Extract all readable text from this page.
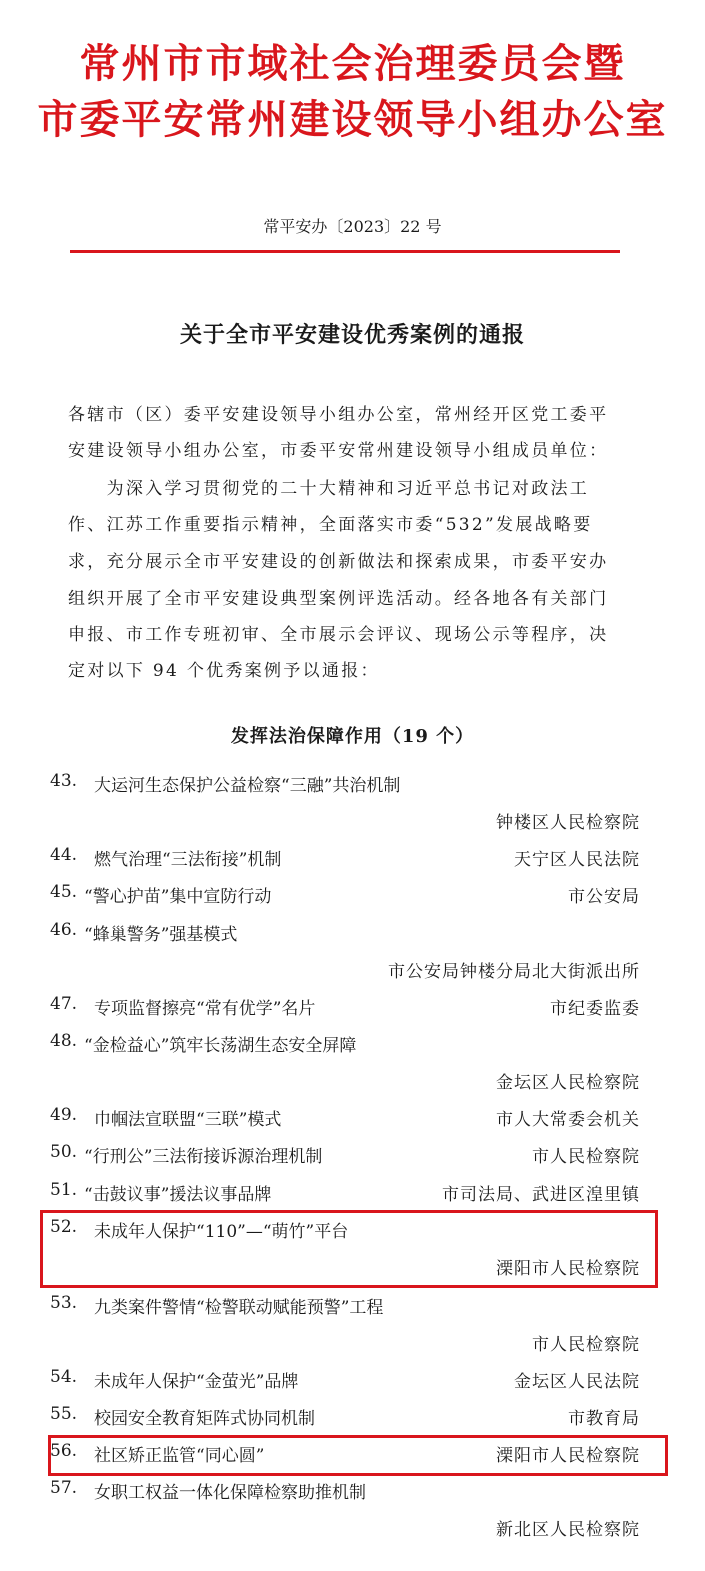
常州市市域社会治理委员会暨
市委平安常州建设领导小组办公室
常平安办〔2023〕22 号
关于全市平安建设优秀案例的通报
各辖市（区）委平安建设领导小组办公室，常州经开区党工委平
安建设领导小组办公室，市委平安常州建设领导小组成员单位：
　　为深入学习贯彻党的二十大精神和习近平总书记对政法工
作、江苏工作重要指示精神，全面落实市委“532”发展战略要
求，充分展示全市平安建设的创新做法和探索成果，市委平安办
组织开展了全市平安建设典型案例评选活动。经各地各有关部门
申报、市工作专班初审、全市展示会评议、现场公示等程序，决
定对以下 94 个优秀案例予以通报：
发挥法治保障作用（19 个）
43. 大运河生态保护公益检察“三融”共治机制
钟楼区人民检察院
44. 燃气治理“三法衔接”机制	天宁区人民法院
45. “警心护苗”集中宣防行动	市公安局
46. “蜂巢警务”强基模式
市公安局钟楼分局北大街派出所
47. 专项监督擦亮“常有优学”名片	市纪委监委
48. “金检益心”筑牢长荡湖生态安全屏障
金坛区人民检察院
49. 巾帼法宣联盟“三联”模式	市人大常委会机关
50. “行刑公”三法衔接诉源治理机制	市人民检察院
51. “击鼓议事”援法议事品牌	市司法局、武进区湟里镇
52. 未成年人保护“110”—“萌竹”平台
溧阳市人民检察院
53. 九类案件警情“检警联动赋能预警”工程
市人民检察院
54. 未成年人保护“金萤光”品牌	金坛区人民法院
55. 校园安全教育矩阵式协同机制	市教育局
56. 社区矫正监管“同心圆”	溧阳市人民检察院
57. 女职工权益一体化保障检察助推机制
新北区人民检察院
